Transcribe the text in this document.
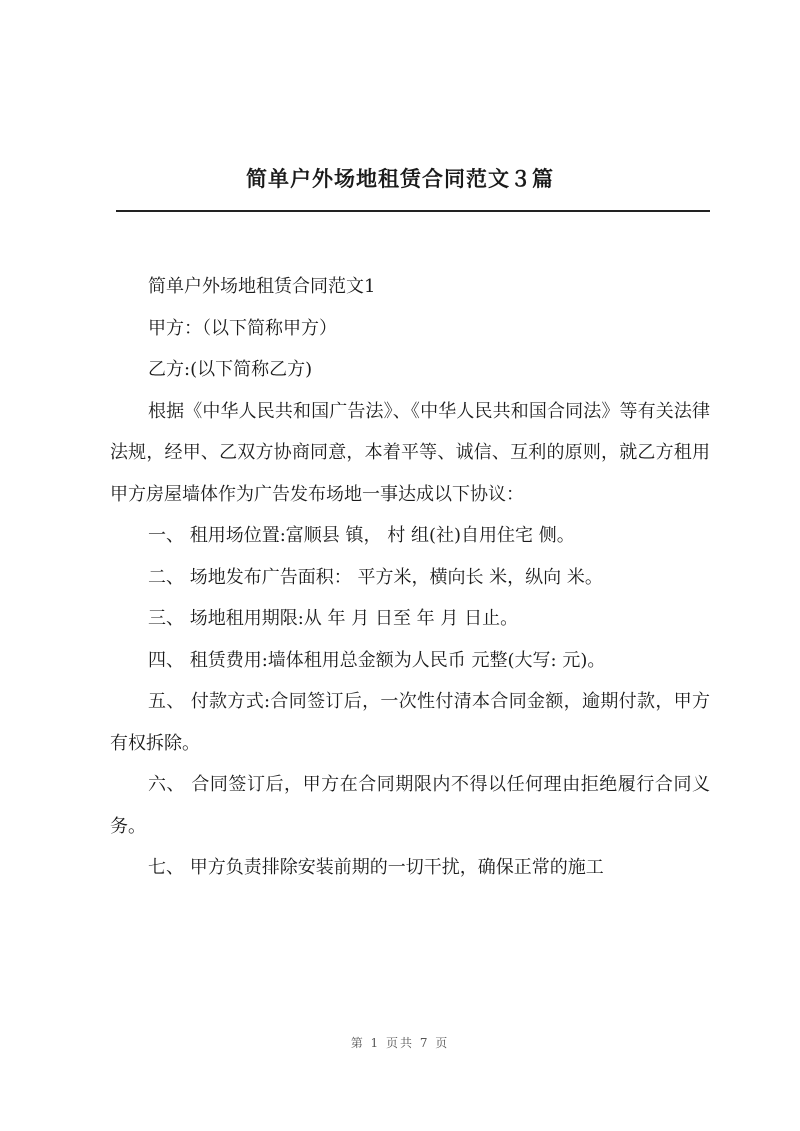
简单户外场地租赁合同范文３篇

简单户外场地租赁合同范文1

甲方：（以下简称甲方）

乙方:(以下简称乙方)

根据《中华人民共和国广告法》、《中华人民共和国合同法》等有关法律法规，经甲、乙双方协商同意，本着平等、诚信、互利的原则，就乙方租用甲方房屋墙体作为广告发布场地一事达成以下协议：

一、 租用场位置:富顺县 镇， 村 组(社)自用住宅 侧。

二、 场地发布广告面积： 平方米，横向长 米，纵向 米。

三、 场地租用期限:从 年 月 日至 年 月 日止。

四、 租赁费用:墙体租用总金额为人民币 元整(大写: 元)。

五、 付款方式:合同签订后，一次性付清本合同金额，逾期付款，甲方有权拆除。

六、 合同签订后，甲方在合同期限内不得以任何理由拒绝履行合同义务。

七、 甲方负责排除安装前期的一切干扰，确保正常的施工

第 1 页共 7 页
